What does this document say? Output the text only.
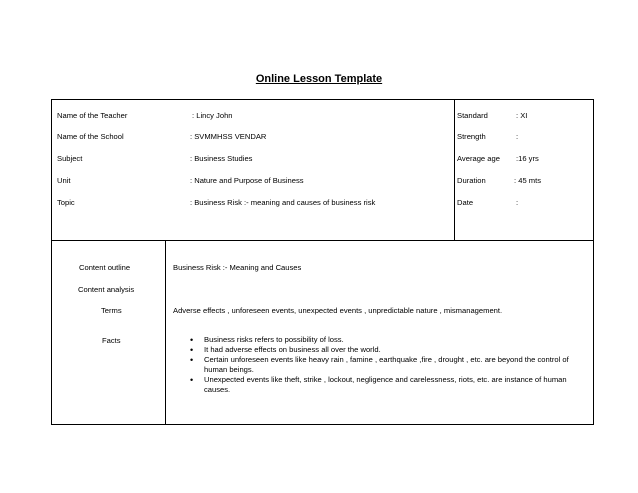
Online Lesson Template
Name of the Teacher	: Lincy John
Name of the School	: SVMMHSS VENDAR
Subject	: Business Studies
Unit	: Nature and Purpose of Business
Topic	: Business Risk :- meaning and causes of business risk
Standard	: XI
Strength	:
Average age :16 yrs
Duration	: 45 mts
Date	:
Content outline	Business Risk :- Meaning and Causes
Content analysis
Terms	Adverse effects , unforeseen events, unexpected events , unpredictable nature , mismanagement.
Facts
•	Business risks refers to possibility of loss.
• It had adverse effects on business all over the world.
• Certain unforeseen events like heavy rain , famine , earthquake ,fire , drought , etc. are beyond the control of human beings.
• Unexpected events like theft, strike , lockout, negligence and carelessness, riots, etc. are instance of human causes.
